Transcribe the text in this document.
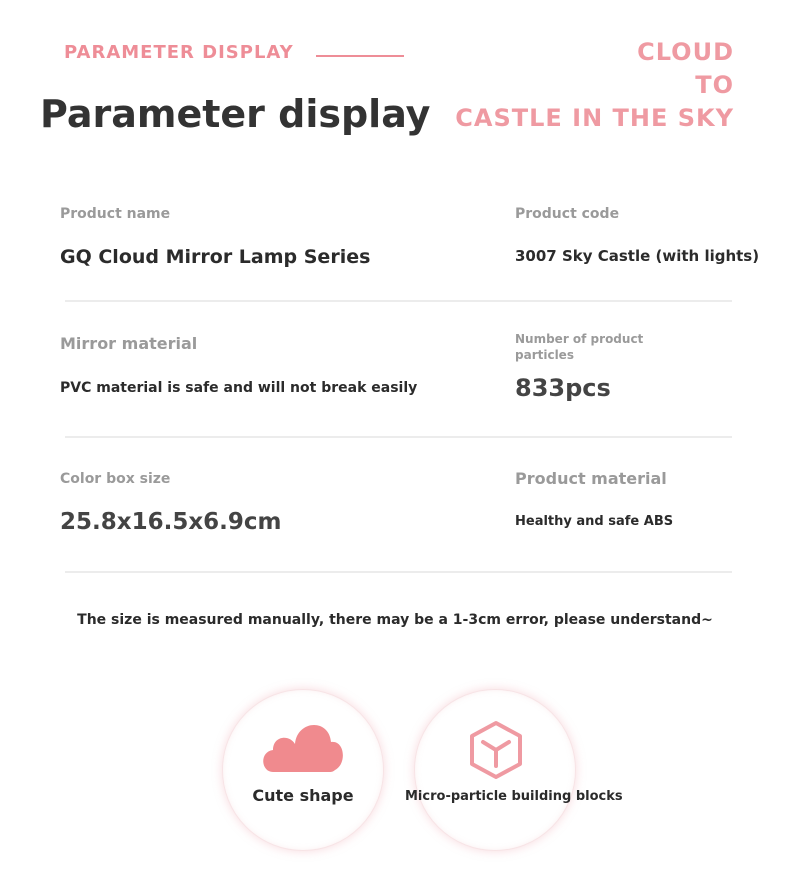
PARAMETER DISPLAY
Parameter display
CLOUD
TO
CASTLE IN THE SKY
Product name
GQ Cloud Mirror Lamp Series
Product code
3007 Sky Castle (with lights)
Mirror material
PVC material is safe and will not break easily
Number of product
particles
833pcs
Color box size
25.8x16.5x6.9cm
Product material
Healthy and safe ABS
The size is measured manually, there may be a 1-3cm error, please understand~
Cute shape	Micro-particle building blocks
